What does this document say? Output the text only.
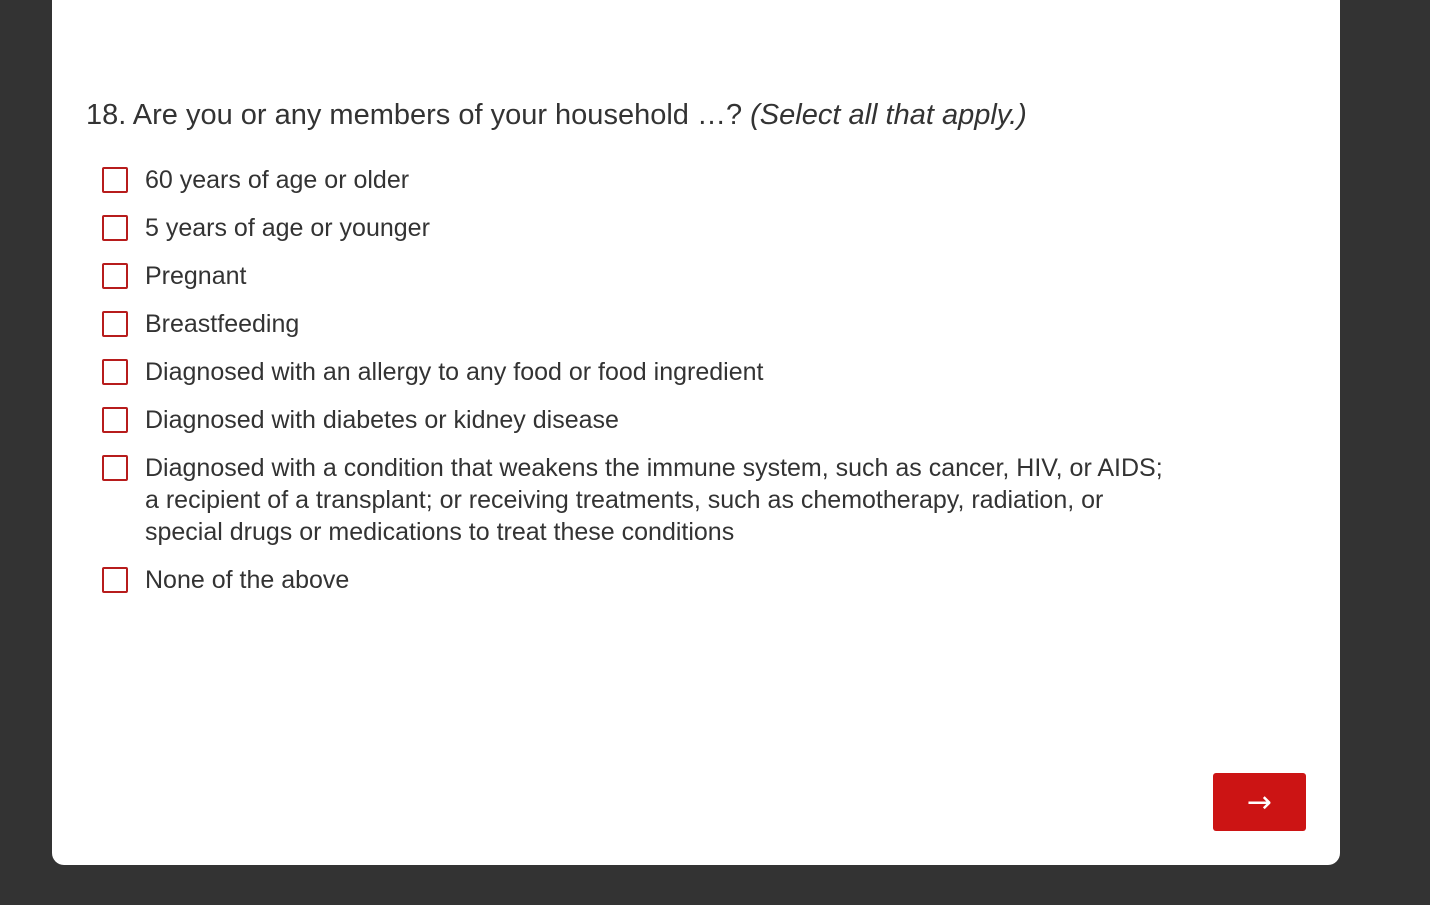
18. Are you or any members of your household …? (Select all that apply.)
60 years of age or older
5 years of age or younger
Pregnant
Breastfeeding
Diagnosed with an allergy to any food or food ingredient
Diagnosed with diabetes or kidney disease
Diagnosed with a condition that weakens the immune system, such as cancer, HIV, or AIDS; a recipient of a transplant; or receiving treatments, such as chemotherapy, radiation, or special drugs or medications to treat these conditions
None of the above
→
